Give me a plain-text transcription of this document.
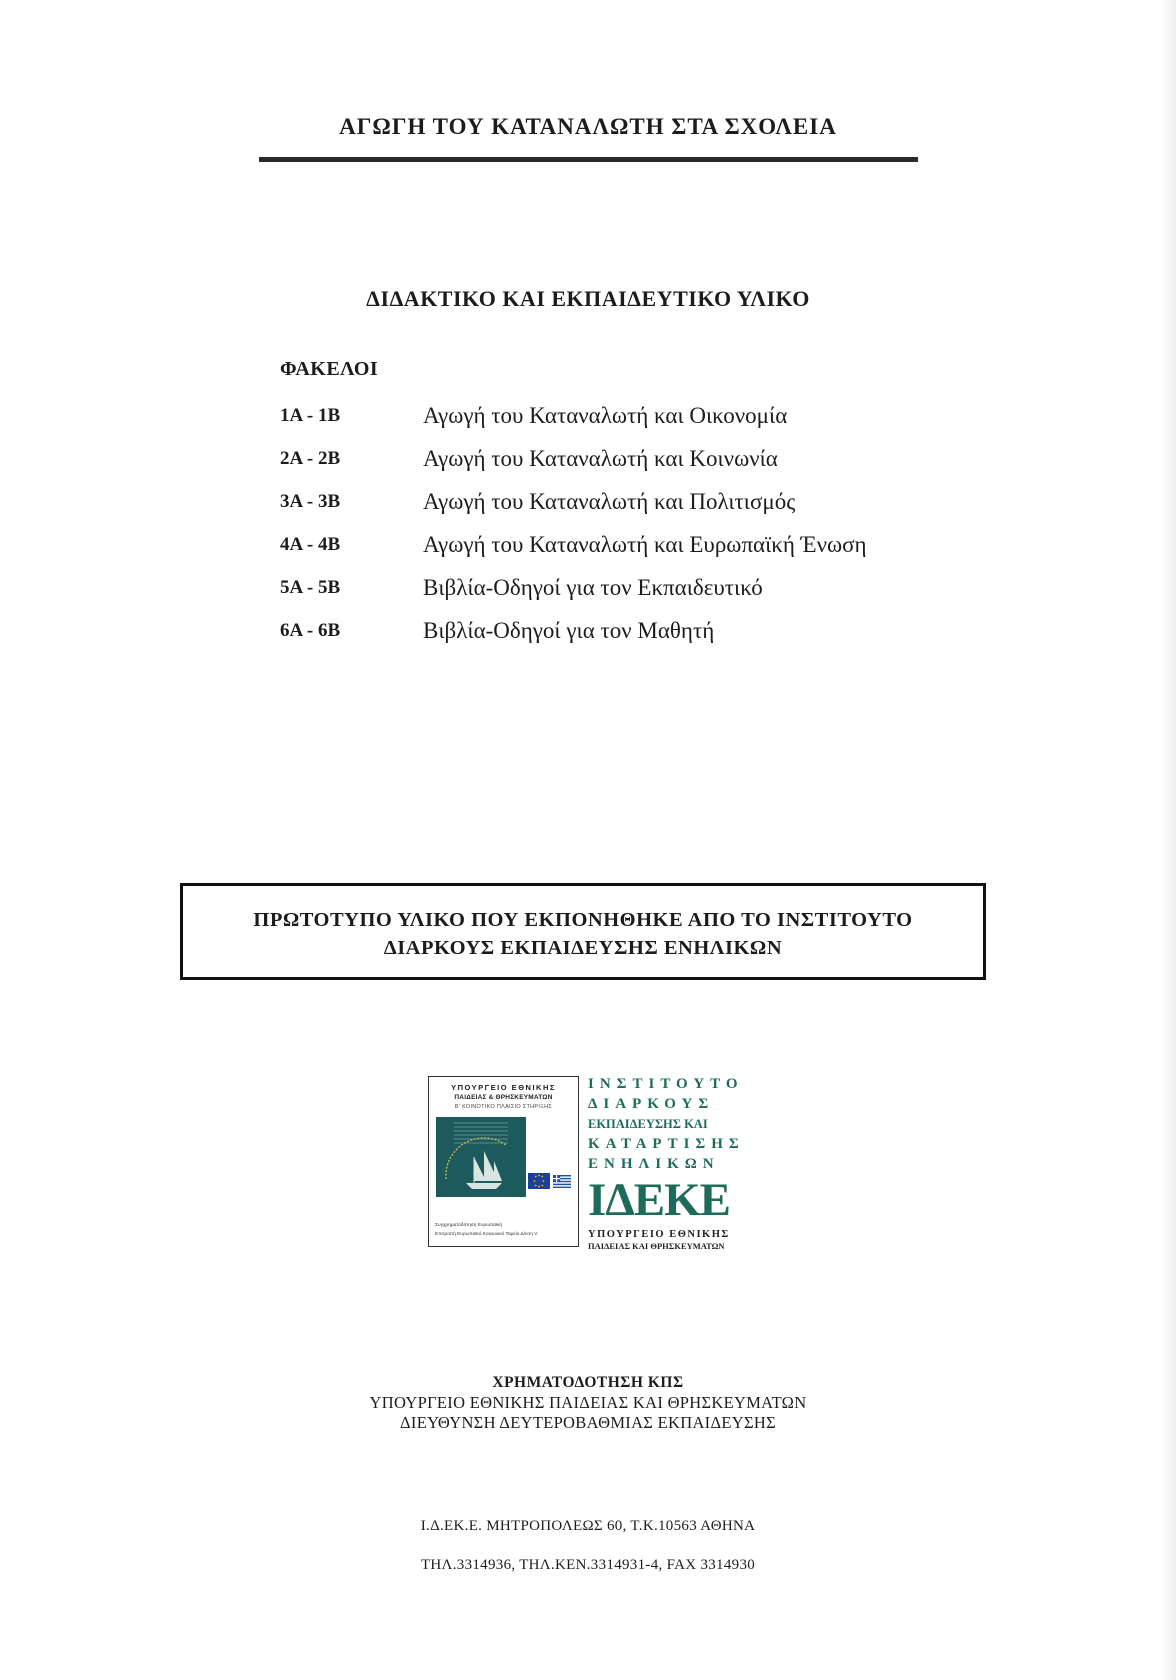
ΑΓΩΓΗ ΤΟΥ ΚΑΤΑΝΑΛΩΤΗ ΣΤΑ ΣΧΟΛΕΙΑ
ΔΙΔΑΚΤΙΚΟ ΚΑΙ ΕΚΠΑΙΔΕΥΤΙΚΟ ΥΛΙΚΟ
ΦΑΚΕΛΟΙ
1Α - 1Β	Αγωγή του Καταναλωτή και Οικονομία
2Α - 2Β	Αγωγή του Καταναλωτή και Κοινωνία
3Α - 3Β	Αγωγή του Καταναλωτή και Πολιτισμός
4Α - 4Β	Αγωγή του Καταναλωτή και Ευρωπαϊκή Ένωση
5Α - 5Β	Βιβλία-Οδηγοί για τον Εκπαιδευτικό
6Α - 6Β	Βιβλία-Οδηγοί για τον Μαθητή
ΠΡΩΤΟΤΥΠΟ ΥΛΙΚΟ ΠΟΥ ΕΚΠΟΝΗΘΗΚΕ ΑΠΟ ΤΟ ΙΝΣΤΙΤΟΥΤΟ
ΔΙΑΡΚΟΥΣ ΕΚΠΑΙΔΕΥΣΗΣ ΕΝΗΛΙΚΩΝ
ΥΠΟΥΡΓΕΙΟ ΕΘΝΙΚΗΣ
ΠΑΙΔΕΙΑΣ & ΘΡΗΣΚΕΥΜΑΤΩΝ
Β' ΚΟΙΝΟΤΙΚΟ ΠΛΑΙΣΙΟ ΣΤΗΡΙΞΗΣ
Συγχρηματοδότηση Ευρωπαϊκή
Επιτροπή Ευρωπαϊκό Κοινωνικό Ταμείο Δ/νση V
ΙΝΣΤΙΤΟΥΤΟ
ΔΙΑΡΚΟΥΣ
ΕΚΠΑΙΔΕΥΣΗΣ ΚΑΙ
ΚΑΤΑΡΤΙΣΗΣ
ΕΝΗΛΙΚΩΝ
ΙΔΕΚΕ
ΥΠΟΥΡΓΕΙΟ ΕΘΝΙΚΗΣ
ΠΑΙΔΕΙΑΣ ΚΑΙ ΘΡΗΣΚΕΥΜΑΤΩΝ
ΧΡΗΜΑΤΟΔΟΤΗΣΗ ΚΠΣ
ΥΠΟΥΡΓΕΙΟ ΕΘΝΙΚΗΣ ΠΑΙΔΕΙΑΣ ΚΑΙ ΘΡΗΣΚΕΥΜΑΤΩΝ
ΔΙΕΥΘΥΝΣΗ ΔΕΥΤΕΡΟΒΑΘΜΙΑΣ ΕΚΠΑΙΔΕΥΣΗΣ
Ι.Δ.ΕΚ.Ε. ΜΗΤΡΟΠΟΛΕΩΣ 60, Τ.Κ.10563 ΑΘΗΝΑ
ΤΗΛ.3314936, ΤΗΛ.ΚΕΝ.3314931-4, FAX 3314930
